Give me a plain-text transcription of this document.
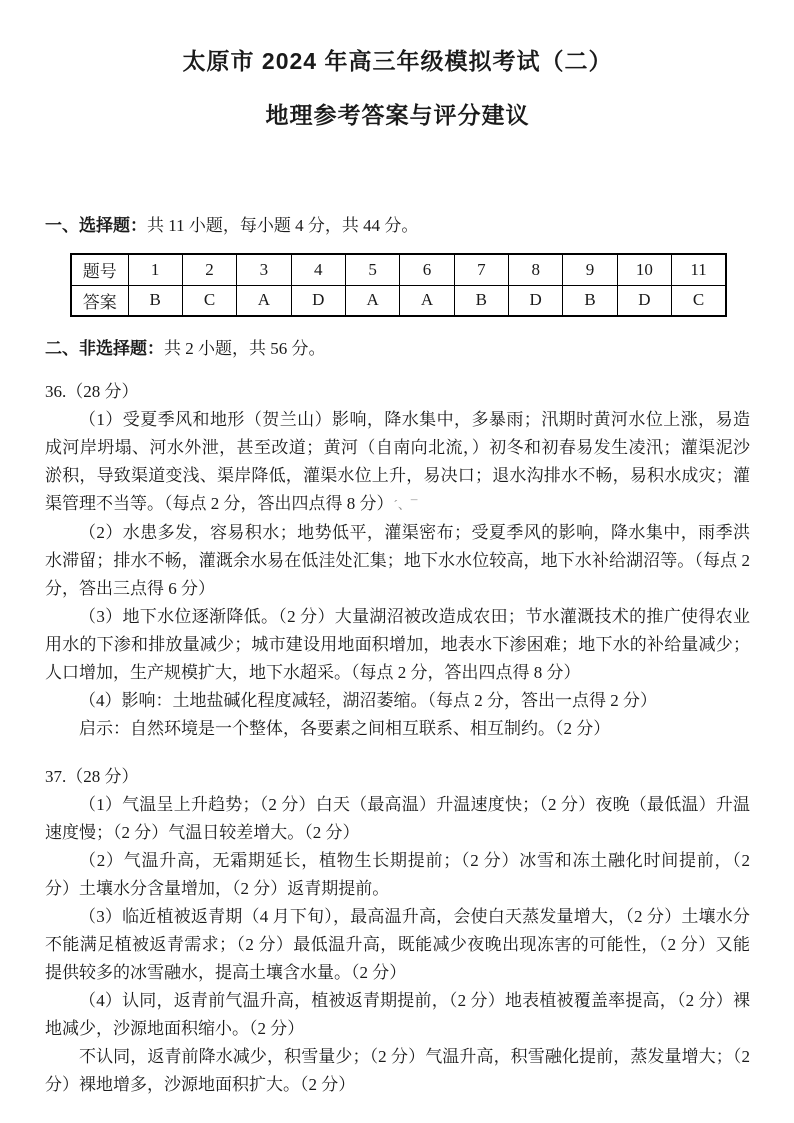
太原市 2024 年高三年级模拟考试（二）
地理参考答案与评分建议

一、选择题：共 11 小题，每小题 4 分，共 44 分。

题号	1	2	3	4	5	6	7	8	9	10	11
答案	B	C	A	D	A	A	B	D	B	D	C

二、非选择题：共 2 小题，共 56 分。

36.（28 分）

（1）受夏季风和地形（贺兰山）影响，降水集中，多暴雨；汛期时黄河水位上涨，易造成河岸坍塌、河水外泄，甚至改道；黄河（自南向北流，）初冬和初春易发生凌汛；灌渠泥沙淤积，导致渠道变浅、渠岸降低，灌渠水位上升，易决口；退水沟排水不畅，易积水成灾；灌渠管理不当等。（每点 2 分，答出四点得 8 分）´、¯

（2）水患多发，容易积水；地势低平，灌渠密布；受夏季风的影响，降水集中，雨季洪水滞留；排水不畅，灌溉余水易在低洼处汇集；地下水水位较高，地下水补给湖沼等。（每点 2 分，答出三点得 6 分）

（3）地下水位逐渐降低。（2 分）大量湖沼被改造成农田；节水灌溉技术的推广使得农业用水的下渗和排放量减少；城市建设用地面积增加，地表水下渗困难；地下水的补给量减少；人口增加，生产规模扩大，地下水超采。（每点 2 分，答出四点得 8 分）

（4）影响：土地盐碱化程度减轻，湖沼萎缩。（每点 2 分，答出一点得 2 分）

启示：自然环境是一个整体，各要素之间相互联系、相互制约。（2 分）

37.（28 分）

（1）气温呈上升趋势；（2 分）白天（最高温）升温速度快；（2 分）夜晚（最低温）升温速度慢；（2 分）气温日较差增大。（2 分）

（2）气温升高，无霜期延长，植物生长期提前；（2 分）冰雪和冻土融化时间提前，（2 分）土壤水分含量增加，（2 分）返青期提前。

（3）临近植被返青期（4 月下旬），最高温升高，会使白天蒸发量增大，（2 分）土壤水分不能满足植被返青需求；（2 分）最低温升高，既能减少夜晚出现冻害的可能性，（2 分）又能提供较多的冰雪融水，提高土壤含水量。（2 分）

（4）认同，返青前气温升高，植被返青期提前，（2 分）地表植被覆盖率提高，（2 分）裸地减少，沙源地面积缩小。（2 分）

不认同，返青前降水减少，积雪量少；（2 分）气温升高，积雪融化提前，蒸发量增大；（2 分）裸地增多，沙源地面积扩大。（2 分）
